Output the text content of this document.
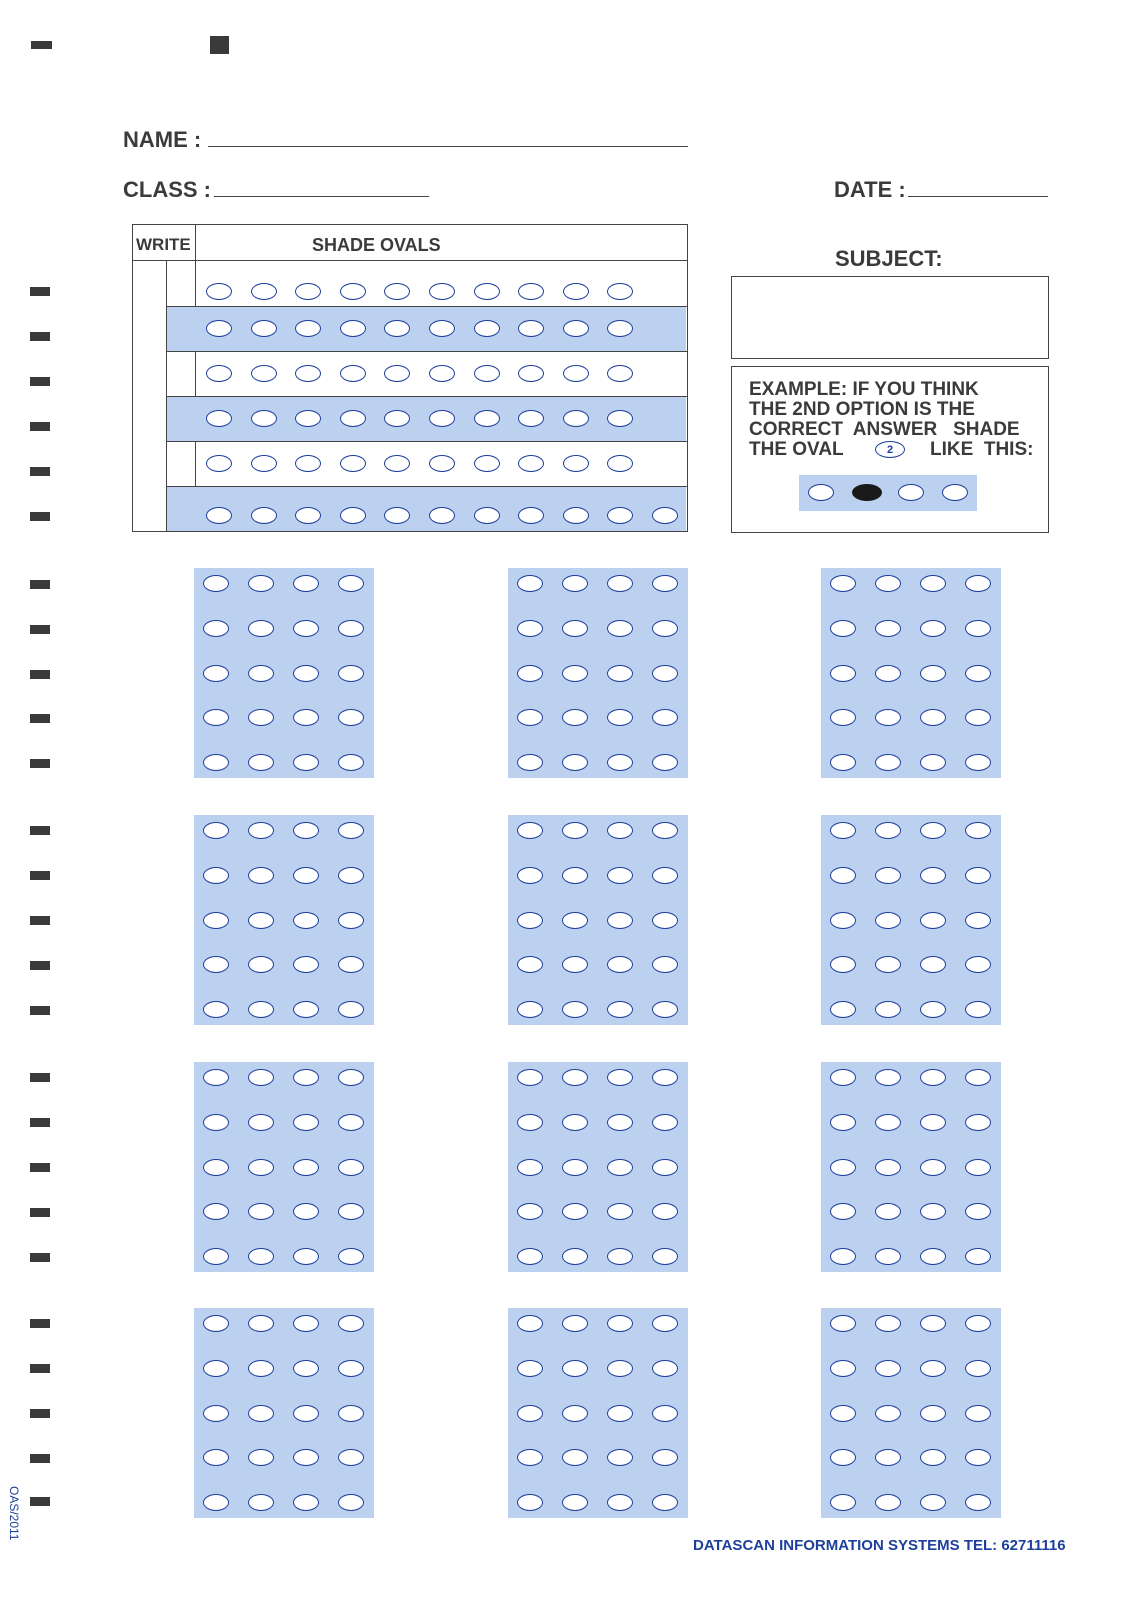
NAME :
CLASS :	DATE :
SUBJECT:
WRITE	SHADE OVALS
EXAMPLE: IF YOU THINK
THE 2ND OPTION IS THE
CORRECT  ANSWER   SHADE
THE OVAL	2	LIKE  THIS:
DATASCAN INFORMATION SYSTEMS TEL: 62711116
OAS/2011
